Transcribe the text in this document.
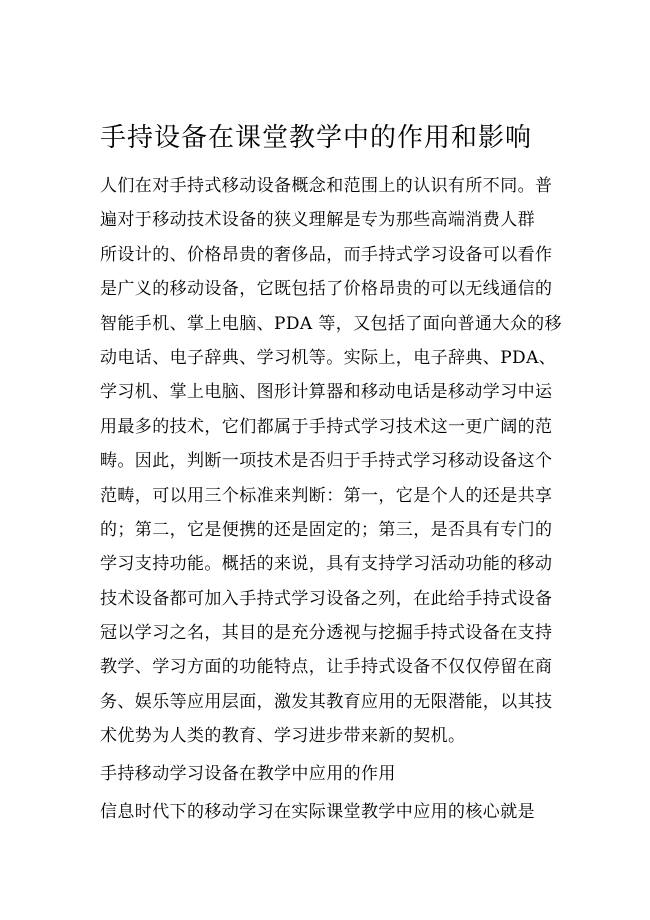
手持设备在课堂教学中的作用和影响
人们在对手持式移动设备概念和范围上的认识有所不同。普
遍对于移动技术设备的狭义理解是专为那些高端消费人群
所设计的、价格昂贵的奢侈品，而手持式学习设备可以看作
是广义的移动设备，它既包括了价格昂贵的可以无线通信的
智能手机、掌上电脑、PDA 等，又包括了面向普通大众的移
动电话、电子辞典、学习机等。实际上，电子辞典、PDA、
学习机、掌上电脑、图形计算器和移动电话是移动学习中运
用最多的技术，它们都属于手持式学习技术这一更广阔的范
畴。因此，判断一项技术是否归于手持式学习移动设备这个
范畴，可以用三个标准来判断：第一，它是个人的还是共享
的；第二，它是便携的还是固定的；第三，是否具有专门的
学习支持功能。概括的来说，具有支持学习活动功能的移动
技术设备都可加入手持式学习设备之列，在此给手持式设备
冠以学习之名，其目的是充分透视与挖掘手持式设备在支持
教学、学习方面的功能特点，让手持式设备不仅仅停留在商
务、娱乐等应用层面，激发其教育应用的无限潜能，以其技
术优势为人类的教育、学习进步带来新的契机。
手持移动学习设备在教学中应用的作用
信息时代下的移动学习在实际课堂教学中应用的核心就是
